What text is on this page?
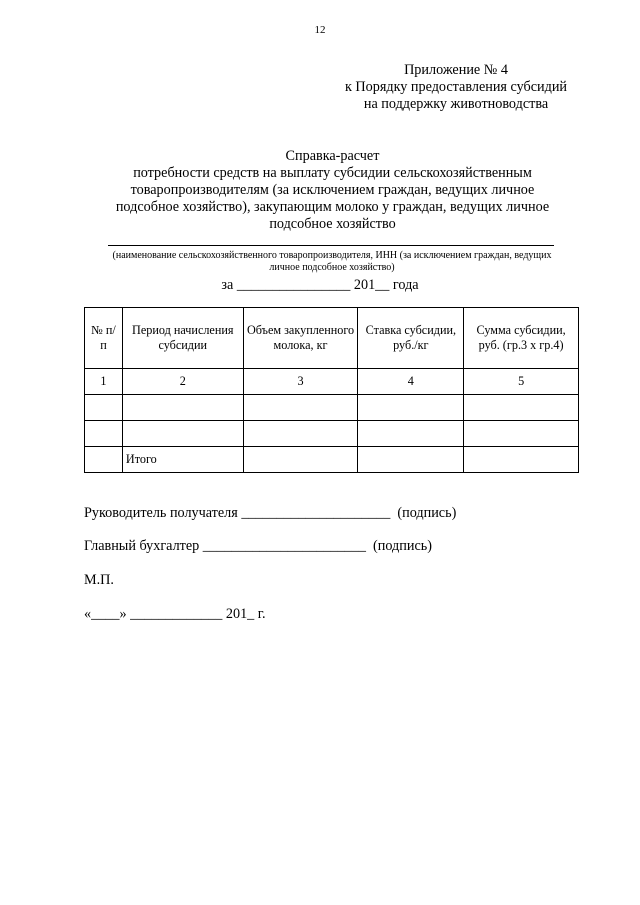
12
Приложение № 4
к Порядку предоставления субсидий
на поддержку животноводства
Справка-расчет
потребности средств на выплату субсидии сельскохозяйственным
товаропроизводителям (за исключением граждан, ведущих личное
подсобное хозяйство), закупающим молоко у граждан, ведущих личное
подсобное хозяйство
(наименование сельскохозяйственного товаропроизводителя, ИНН (за исключением граждан, ведущих
личное подсобное хозяйство)
за ________________ 201__ года
№ п/п	Период начисления субсидии	Объем закупленного молока, кг	Ставка субсидии, руб./кг	Сумма субсидии, руб. (гр.3 х гр.4)
1	2	3	4	5

	Итого			
Руководитель получателя _____________________  (подпись)
Главный бухгалтер _______________________  (подпись)
М.П.
«____» _____________ 201_ г.
